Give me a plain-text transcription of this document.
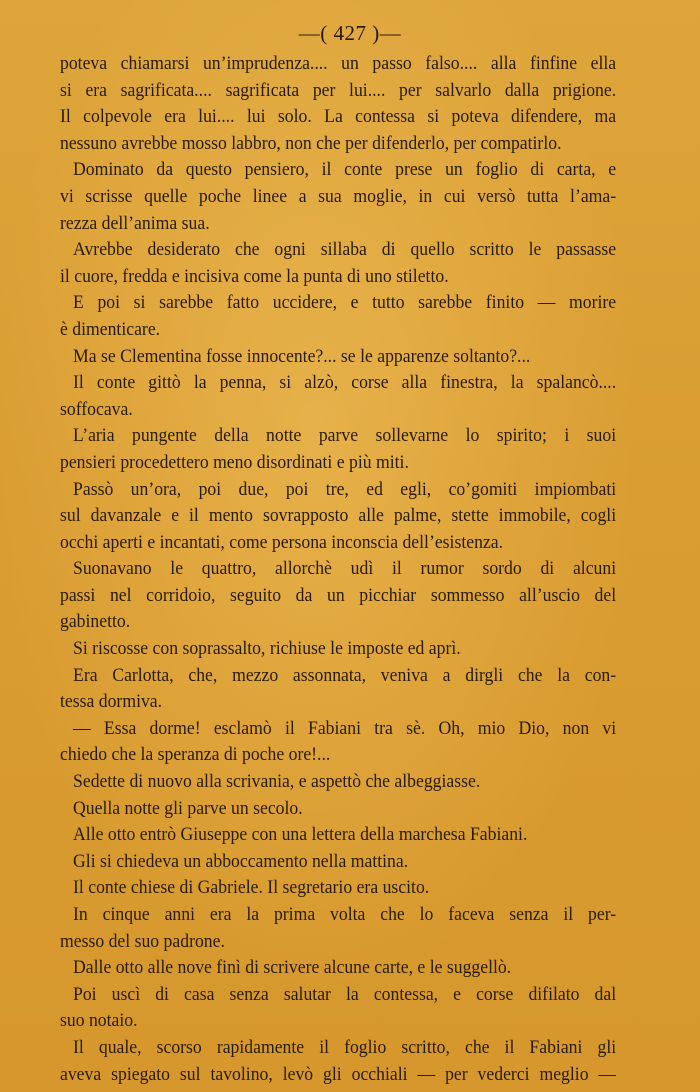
—( 427 )—
poteva chiamarsi un’imprudenza.... un passo falso.... alla finfine ella
si era sagrificata.... sagrificata per lui.... per salvarlo dalla prigione.
Il colpevole era lui.... lui solo. La contessa si poteva difendere, ma
nessuno avrebbe mosso labbro, non che per difenderlo, per compatirlo.
Dominato da questo pensiero, il conte prese un foglio di carta, e
vi scrisse quelle poche linee a sua moglie, in cui versò tutta l’ama-
rezza dell’anima sua.
Avrebbe desiderato che ogni sillaba di quello scritto le passasse
il cuore, fredda e incisiva come la punta di uno stiletto.
E poi si sarebbe fatto uccidere, e tutto sarebbe finito — morire
è dimenticare.
Ma se Clementina fosse innocente?... se le apparenze soltanto?...
Il conte gittò la penna, si alzò, corse alla finestra, la spalancò....
soffocava.
L’aria pungente della notte parve sollevarne lo spirito; i suoi
pensieri procedettero meno disordinati e più miti.
Passò un’ora, poi due, poi tre, ed egli, co’gomiti impiombati
sul davanzale e il mento sovrapposto alle palme, stette immobile, cogli
occhi aperti e incantati, come persona inconscia dell’esistenza.
Suonavano le quattro, allorchè udì il rumor sordo di alcuni
passi nel corridoio, seguito da un picchiar sommesso all’uscio del
gabinetto.
Si riscosse con soprassalto, richiuse le imposte ed aprì.
Era Carlotta, che, mezzo assonnata, veniva a dirgli che la con-
tessa dormiva.
— Essa dorme! esclamò il Fabiani tra sè. Oh, mio Dio, non vi
chiedo che la speranza di poche ore!...
Sedette di nuovo alla scrivania, e aspettò che albeggiasse.
Quella notte gli parve un secolo.
Alle otto entrò Giuseppe con una lettera della marchesa Fabiani.
Gli si chiedeva un abboccamento nella mattina.
Il conte chiese di Gabriele. Il segretario era uscito.
In cinque anni era la prima volta che lo faceva senza il per-
messo del suo padrone.
Dalle otto alle nove finì di scrivere alcune carte, e le suggellò.
Poi uscì di casa senza salutar la contessa, e corse difilato dal
suo notaio.
Il quale, scorso rapidamente il foglio scritto, che il Fabiani gli
aveva spiegato sul tavolino, levò gli occhiali — per vederci meglio —
